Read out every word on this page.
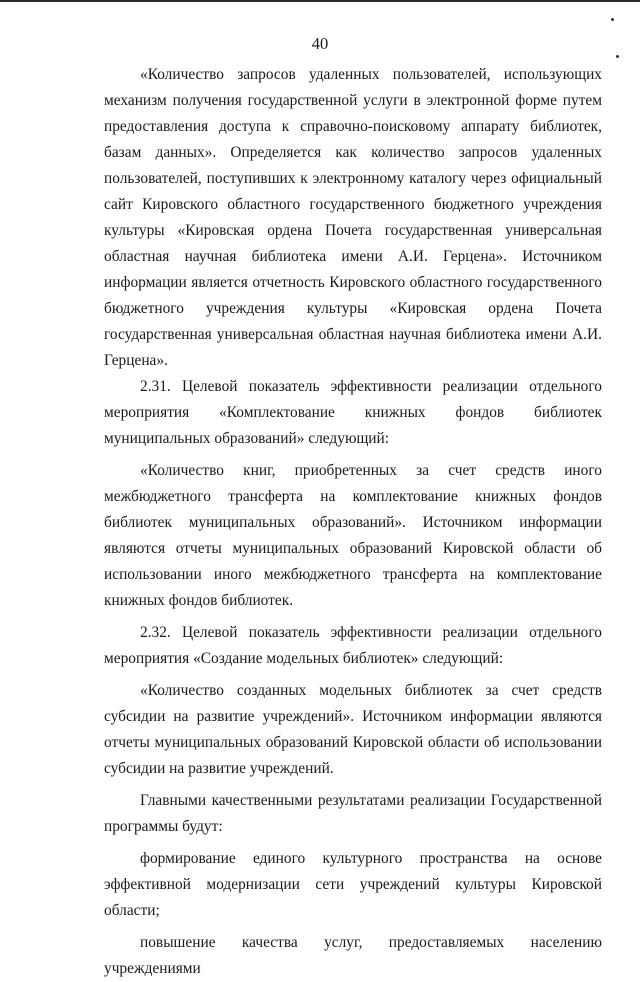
40

«Количество запросов удаленных пользователей, использующих механизм получения государственной услуги в электронной форме путем предоставления доступа к справочно-поисковому аппарату библиотек, базам данных». Определяется как количество запросов удаленных пользователей, поступивших к электронному каталогу через официальный сайт Кировского областного государственного бюджетного учреждения культуры «Кировская ордена Почета государственная универсальная областная научная библиотека имени А.И. Герцена». Источником информации является отчетность Кировского областного государственного бюджетного учреждения культуры «Кировская ордена Почета государственная универсальная областная научная библиотека имени А.И. Герцена».

2.31. Целевой показатель эффективности реализации отдельного мероприятия «Комплектование книжных фондов библиотек муниципальных образований» следующий:

«Количество книг, приобретенных за счет средств иного межбюджетного трансферта на комплектование книжных фондов библиотек муниципальных образований». Источником информации являются отчеты муниципальных образований Кировской области об использовании иного межбюджетного трансферта на комплектование книжных фондов библиотек.

2.32. Целевой показатель эффективности реализации отдельного мероприятия «Создание модельных библиотек» следующий:

«Количество созданных модельных библиотек за счет средств субсидии на развитие учреждений». Источником информации являются отчеты муниципальных образований Кировской области об использовании субсидии на развитие учреждений.

Главными качественными результатами реализации Государственной программы будут:

формирование единого культурного пространства на основе эффективной модернизации сети учреждений культуры Кировской области;

повышение качества услуг, предоставляемых населению учреждениями
